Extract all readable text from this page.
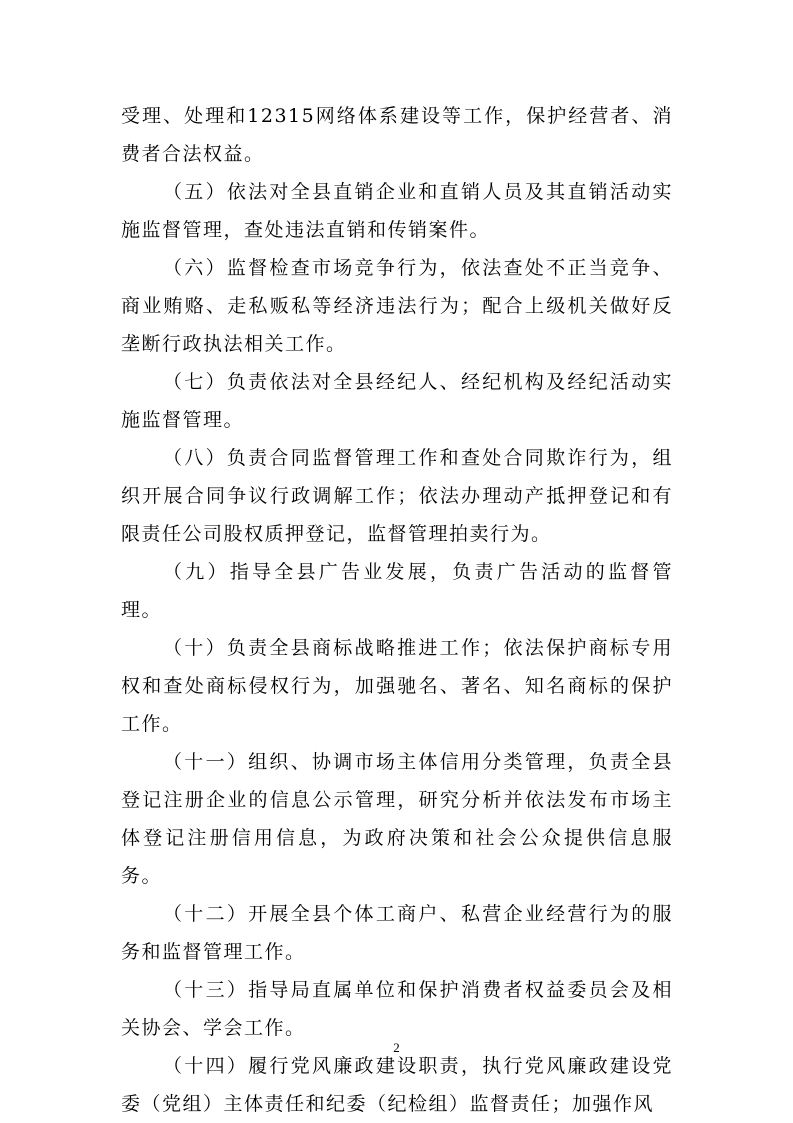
受理、处理和12315网络体系建设等工作，保护经营者、消费者合法权益。

（五）依法对全县直销企业和直销人员及其直销活动实施监督管理，查处违法直销和传销案件。

（六）监督检查市场竞争行为，依法查处不正当竞争、商业贿赂、走私贩私等经济违法行为；配合上级机关做好反垄断行政执法相关工作。

（七）负责依法对全县经纪人、经纪机构及经纪活动实施监督管理。

（八）负责合同监督管理工作和查处合同欺诈行为，组织开展合同争议行政调解工作；依法办理动产抵押登记和有限责任公司股权质押登记，监督管理拍卖行为。

（九）指导全县广告业发展，负责广告活动的监督管理。

（十）负责全县商标战略推进工作；依法保护商标专用权和查处商标侵权行为，加强驰名、著名、知名商标的保护工作。

（十一）组织、协调市场主体信用分类管理，负责全县登记注册企业的信息公示管理，研究分析并依法发布市场主体登记注册信用信息，为政府决策和社会公众提供信息服务。

（十二）开展全县个体工商户、私营企业经营行为的服务和监督管理工作。

（十三）指导局直属单位和保护消费者权益委员会及相关协会、学会工作。

（十四）履行党风廉政建设职责，执行党风廉政建设党委（党组）主体责任和纪委（纪检组）监督责任；加强作风

2
